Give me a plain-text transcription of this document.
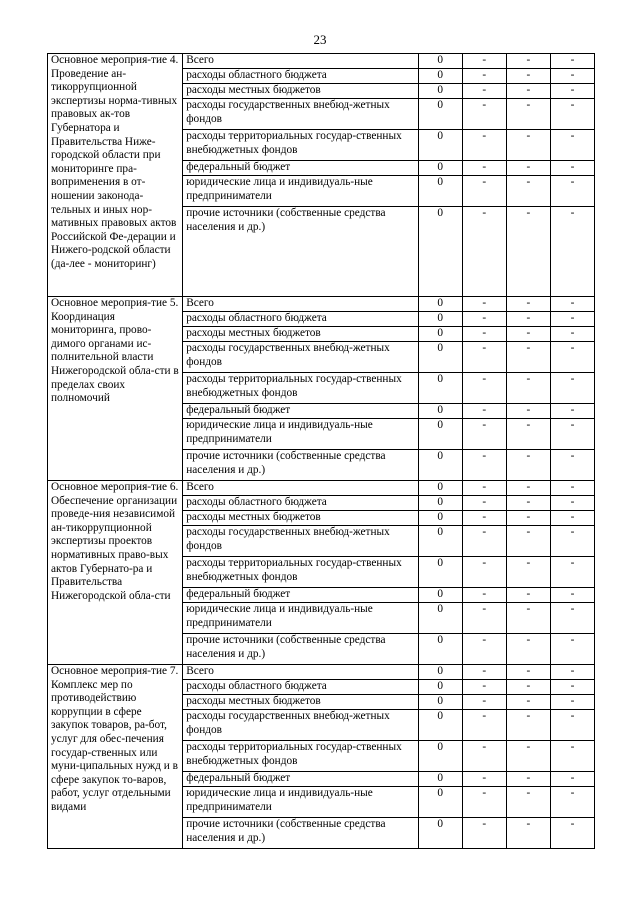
23
Основное мероприя-тие 4. Проведение ан-тикоррупционной экспертизы норма-тивных правовых ак-тов Губернатора и Правительства Ниже-городской области при мониторинге пра-воприменения в от-ношении законода-тельных и иных нор-мативных правовых актов Российской Фе-дерации и Нижего-родской области (да-лее - мониторинг)	Всего	0	-	-	-
	расходы областного бюджета	0	-	-	-
	расходы местных бюджетов	0	-	-	-
	расходы государственных внебюд-жетных фондов	0	-	-	-
	расходы территориальных государ-ственных внебюджетных фондов	0	-	-	-
	федеральный бюджет	0	-	-	-
	юридические лица и индивидуаль-ные предприниматели	0	-	-	-
	прочие источники (собственные средства населения и др.)	0	-	-	-
Основное мероприя-тие 5. Координация мониторинга, прово-димого органами ис-полнительной власти Нижегородской обла-сти в пределах своих полномочий	Всего	0	-	-	-
	расходы областного бюджета	0	-	-	-
	расходы местных бюджетов	0	-	-	-
	расходы государственных внебюд-жетных фондов	0	-	-	-
	расходы территориальных государ-ственных внебюджетных фондов	0	-	-	-
	федеральный бюджет	0	-	-	-
	юридические лица и индивидуаль-ные предприниматели	0	-	-	-
	прочие источники (собственные средства населения и др.)	0	-	-	-
Основное мероприя-тие 6. Обеспечение организации проведе-ния независимой ан-тикоррупционной экспертизы проектов нормативных право-вых актов Губернато-ра и Правительства Нижегородской обла-сти	Всего	0	-	-	-
	расходы областного бюджета	0	-	-	-
	расходы местных бюджетов	0	-	-	-
	расходы государственных внебюд-жетных фондов	0	-	-	-
	расходы территориальных государ-ственных внебюджетных фондов	0	-	-	-
	федеральный бюджет	0	-	-	-
	юридические лица и индивидуаль-ные предприниматели	0	-	-	-
	прочие источники (собственные средства населения и др.)	0	-	-	-
Основное мероприя-тие 7. Комплекс мер по противодействию коррупции в сфере закупок товаров, ра-бот, услуг для обес-печения государ-ственных или муни-ципальных нужд и в сфере закупок то-варов, работ, услуг отдельными видами	Всего	0	-	-	-
	расходы областного бюджета	0	-	-	-
	расходы местных бюджетов	0	-	-	-
	расходы государственных внебюд-жетных фондов	0	-	-	-
	расходы территориальных государ-ственных внебюджетных фондов	0	-	-	-
	федеральный бюджет	0	-	-	-
	юридические лица и индивидуаль-ные предприниматели	0	-	-	-
	прочие источники (собственные средства населения и др.)	0	-	-	-
